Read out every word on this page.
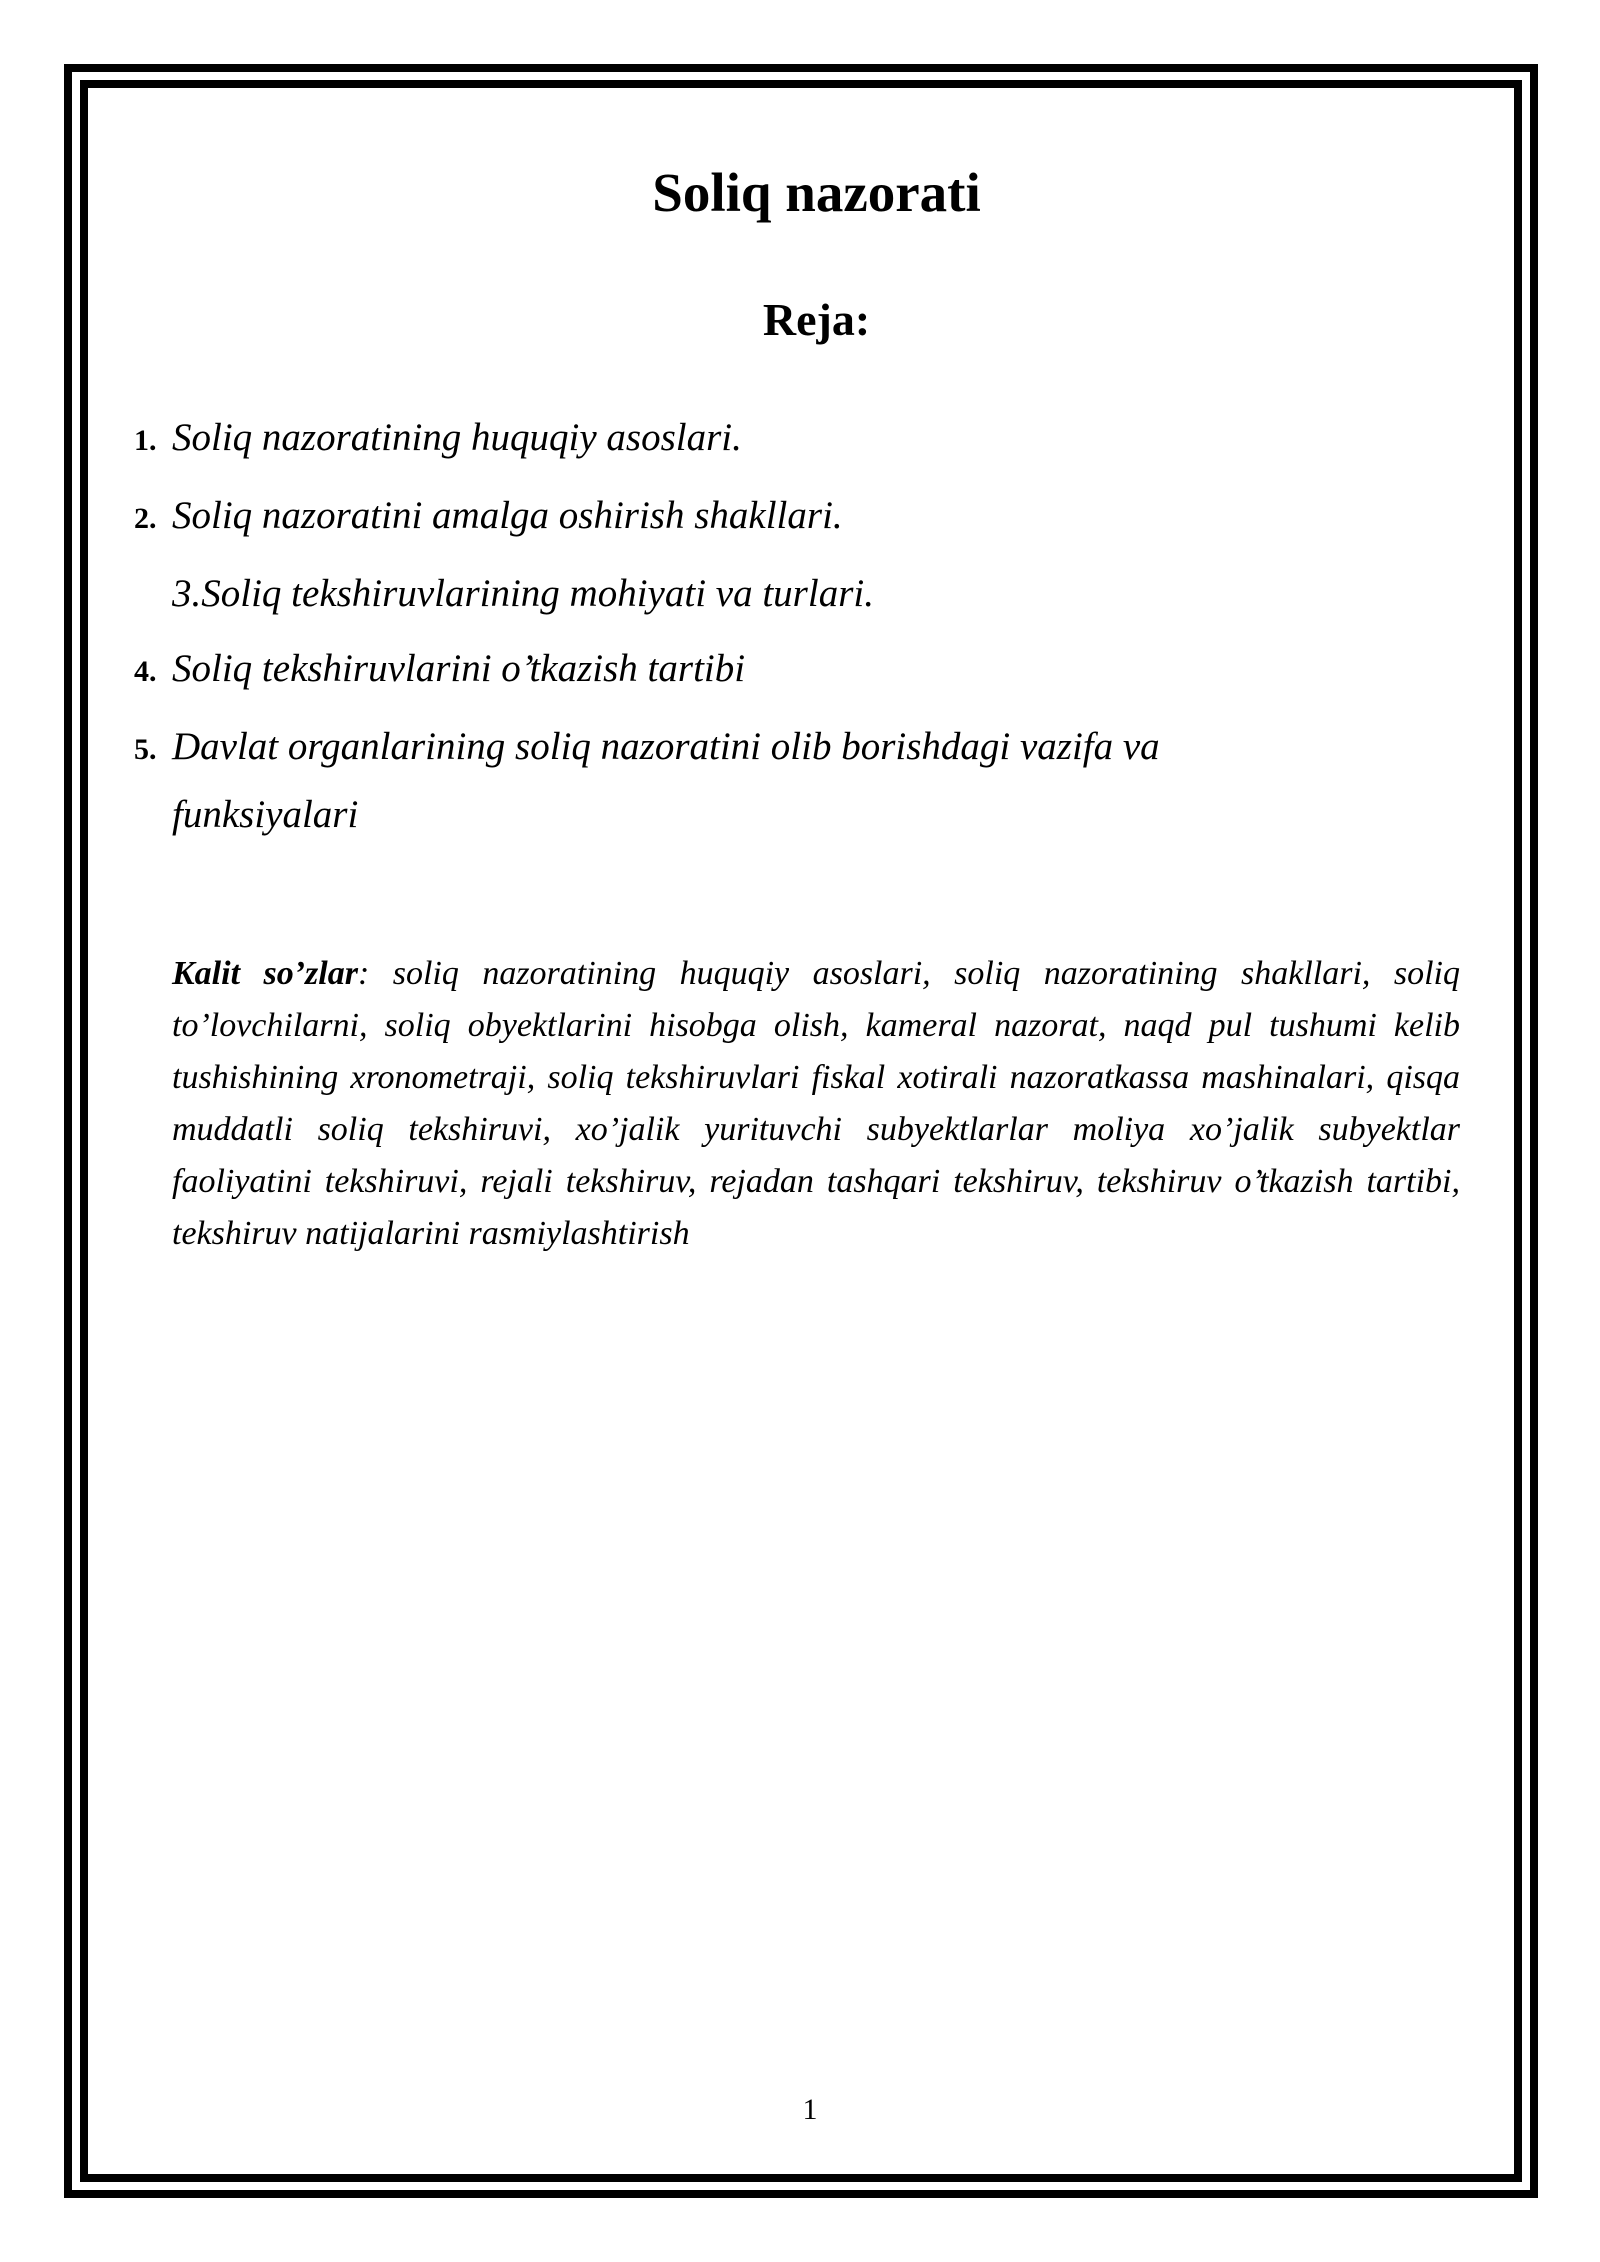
Soliq nazorati
Reja:
1. Soliq nazoratining huquqiy asoslari.
2. Soliq nazoratini amalga oshirish shakllari.
3.Soliq tekshiruvlarining mohiyati va turlari.
4. Soliq tekshiruvlarini o’tkazish tartibi
5. Davlat organlarining soliq nazoratini olib borishdagi vazifa va
funksiyalari

Kalit so’zlar: soliq nazoratining huquqiy asoslari, soliq nazoratining shakllari, soliq to’lovchilarni, soliq obyektlarini hisobga olish, kameral nazorat, naqd pul tushumi kelib tushishining xronometraji, soliq tekshiruvlari fiskal xotirali nazoratkassa mashinalari, qisqa muddatli soliq tekshiruvi, xo’jalik yurituvchi subyektlarlar moliya xo’jalik subyektlar faoliyatini tekshiruvi, rejali tekshiruv, rejadan tashqari tekshiruv, tekshiruv o’tkazish tartibi, tekshiruv natijalarini rasmiylashtirish

1
